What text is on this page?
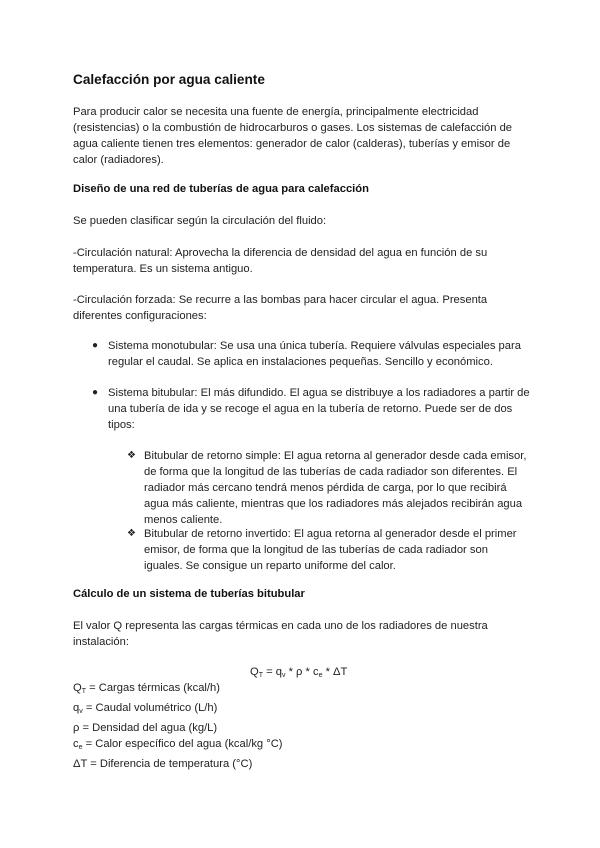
Calefacción por agua caliente
Para producir calor se necesita una fuente de energía, principalmente electricidad (resistencias) o la combustión de hidrocarburos o gases. Los sistemas de calefacción de agua caliente tienen tres elementos: generador de calor (calderas), tuberías y emisor de calor (radiadores).
Diseño de una red de tuberías de agua para calefacción
Se pueden clasificar según la circulación del fluido:
-Circulación natural: Aprovecha la diferencia de densidad del agua en función de su temperatura. Es un sistema antiguo.
-Circulación forzada: Se recurre a las bombas para hacer circular el agua. Presenta diferentes configuraciones:
● Sistema monotubular: Se usa una única tubería. Requiere válvulas especiales para regular el caudal. Se aplica en instalaciones pequeñas. Sencillo y económico.
● Sistema bitubular: El más difundido. El agua se distribuye a los radiadores a partir de una tubería de ida y se recoge el agua en la tubería de retorno. Puede ser de dos tipos:
❖ Bitubular de retorno simple: El agua retorna al generador desde cada emisor, de forma que la longitud de las tuberías de cada radiador son diferentes. El radiador más cercano tendrá menos pérdida de carga, por lo que recibirá agua más caliente, mientras que los radiadores más alejados recibirán agua menos caliente.
❖ Bitubular de retorno invertido: El agua retorna al generador desde el primer emisor, de forma que la longitud de las tuberías de cada radiador son iguales. Se consigue un reparto uniforme del calor.
Cálculo de un sistema de tuberías bitubular
El valor Q representa las cargas térmicas en cada uno de los radiadores de nuestra instalación:
$Q_T = q_v * \rho * c_e * \Delta T$
$Q_T$ = Cargas térmicas (kcal/h)
$q_v$ = Caudal volumétrico (L/h)
ρ = Densidad del agua (kg/L)
$c_e$ = Calor específico del agua (kcal/kg °C)
ΔT = Diferencia de temperatura (°C)
